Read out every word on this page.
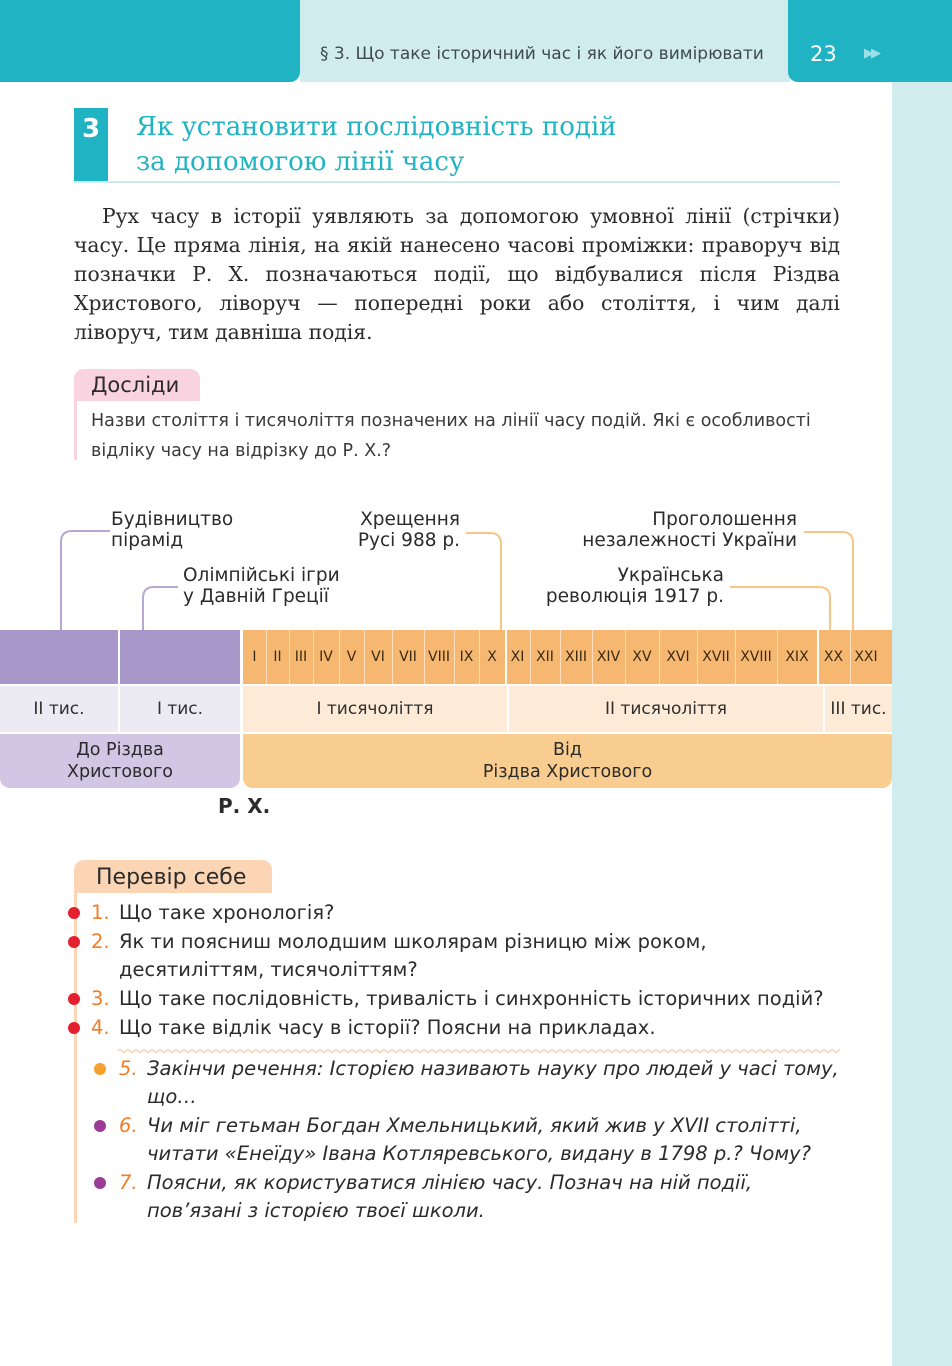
§ 3. Що таке історичний час і як його вимірювати 23 ▶▶
3	Як установити послідовність подій
за допомогою лінії часу
Рух часу в історії уявляють за допомогою умовної лінії (стрічки) часу. Це пряма лінія, на якій нанесено часові проміжки: праворуч від позначки Р. Х. позначаються події, що відбувалися після Різдва Христового, ліворуч — попередні роки або століття, і чим далі ліворуч, тим давніша подія.
Досліди
Назви століття і тисячоліття позначених на лінії часу подій. Які є особливості відліку часу на відрізку до Р. Х.?
Будівництво
пірамід
Олімпійські ігри
у Давній Греції
Хрещення
Русі 988 р.
Проголошення
незалежності України
Українська
революція 1917 р.
I	II III IV V	VI	VII VIII IX X XI XII XIII XIV XV	XVI XVII XVIII XIX	XX XXI
II тис.	I тис.	I тисячоліття	II тисячоліття	III тис.
До Різдва
Христового
Від
Різдва Христового
Р. Х.
Перевір себе
1. Що таке хронологія?
2. Як ти поясниш молодшим школярам різницю між роком, десятиліттям, тисячоліттям?
3. Що таке послідовність, тривалість і синхронність історичних подій?
4. Що таке відлік часу в історії? Поясни на прикладах.
5. Закінчи речення: Історією називають науку про людей у часі тому, що…
6. Чи міг гетьман Богдан Хмельницький, який жив у XVII столітті, читати «Енеїду» Івана Котляревського, видану в 1798 р.? Чому?
7. Поясни, як користуватися лінією часу. Познач на ній події, пов’язані з історією твоєї школи.
